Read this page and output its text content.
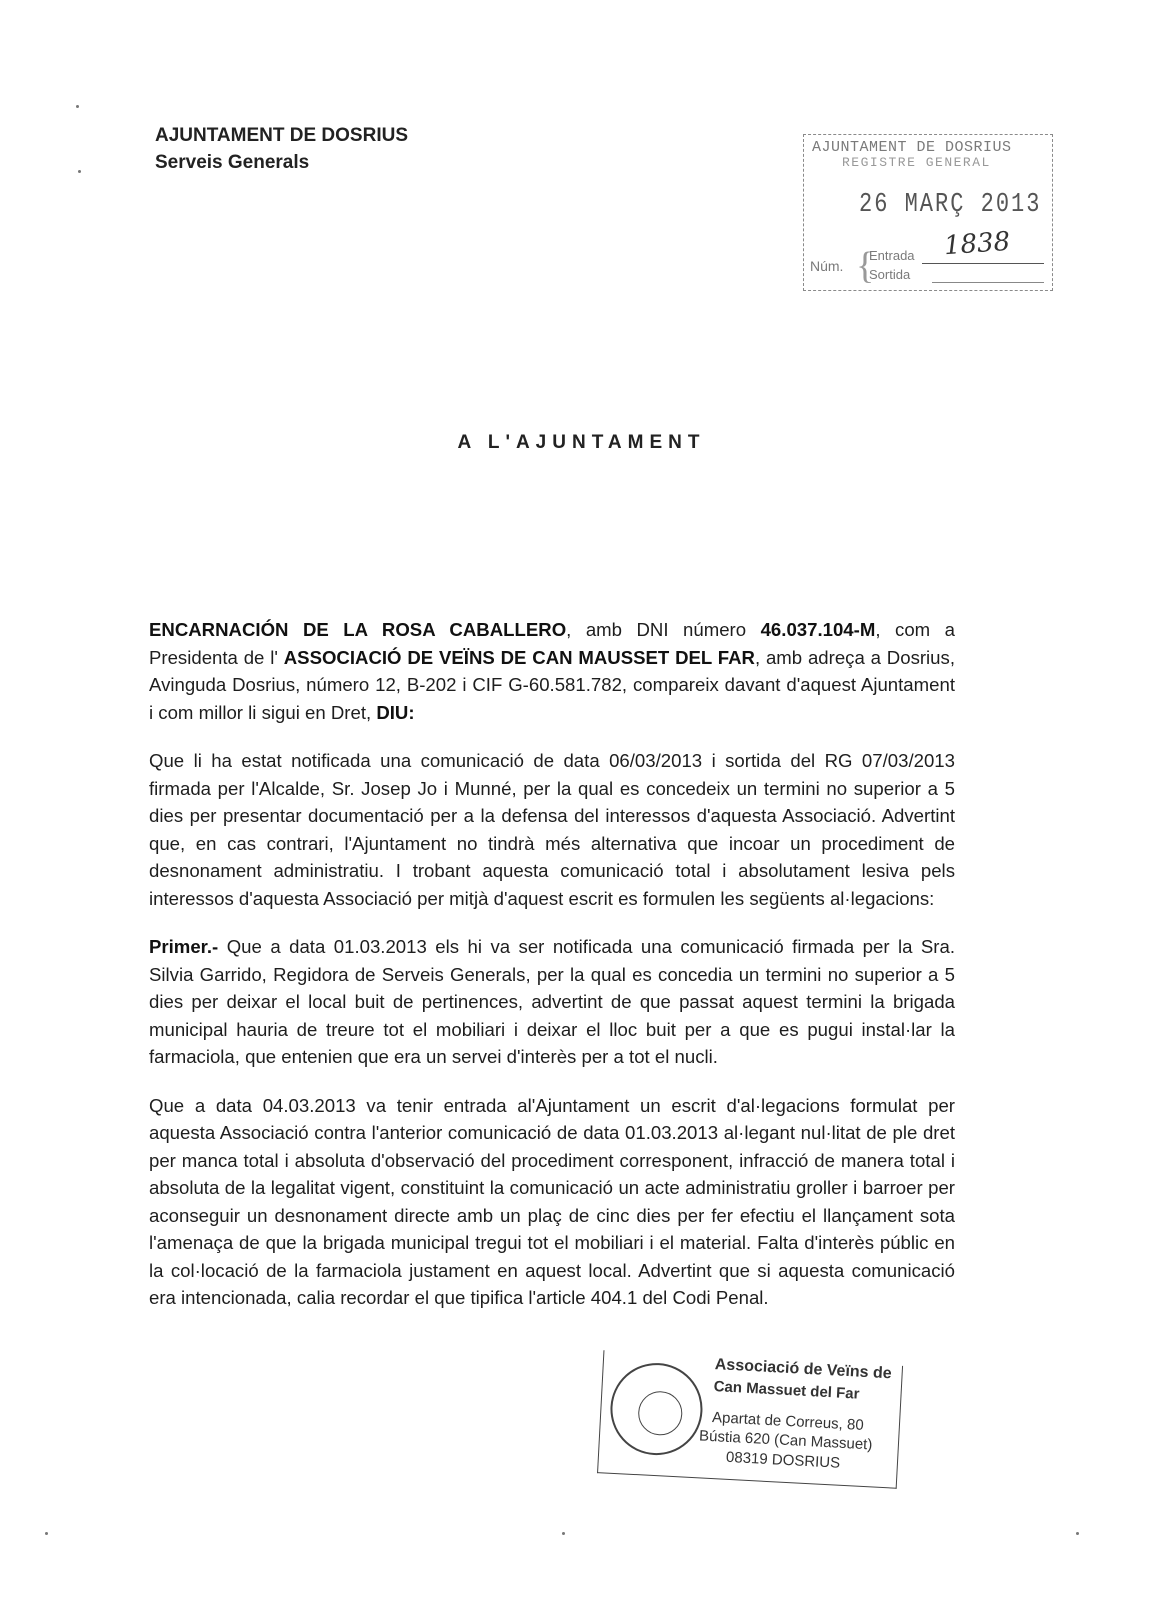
AJUNTAMENT DE DOSRIUS
Serveis Generals
AJUNTAMENT DE DOSRIUS
REGISTRE GENERAL
26 MARÇ 2013
Núm. {
Entrada
Sortida
1838
A L'AJUNTAMENT

ENCARNACIÓN DE LA ROSA CABALLERO, amb DNI número 46.037.104-M, com a Presidenta de l' ASSOCIACIÓ DE VEÏNS DE CAN MAUSSET DEL FAR, amb adreça a Dosrius, Avinguda Dosrius, número 12, B-202 i CIF G-60.581.782, compareix davant d'aquest Ajuntament i com millor li sigui en Dret, DIU:

Que li ha estat notificada una comunicació de data 06/03/2013 i sortida del RG 07/03/2013 firmada per l'Alcalde, Sr. Josep Jo i Munné, per la qual es concedeix un termini no superior a 5 dies per presentar documentació per a la defensa del interessos d'aquesta Associació. Advertint que, en cas contrari, l'Ajuntament no tindrà més alternativa que incoar un procediment de desnonament administratiu. I trobant aquesta comunicació total i absolutament lesiva pels interessos d'aquesta Associació per mitjà d'aquest escrit es formulen les següents al·legacions:

Primer.- Que a data 01.03.2013 els hi va ser notificada una comunicació firmada per la Sra. Silvia Garrido, Regidora de Serveis Generals, per la qual es concedia un termini no superior a 5 dies per deixar el local buit de pertinences, advertint de que passat aquest termini la brigada municipal hauria de treure tot el mobiliari i deixar el lloc buit per a que es pugui instal·lar la farmaciola, que entenien que era un servei d'interès per a tot el nucli.

Que a data 04.03.2013 va tenir entrada al'Ajuntament un escrit d'al·legacions formulat per aquesta Associació contra l'anterior comunicació de data 01.03.2013 al·legant nul·litat de ple dret per manca total i absoluta d'observació del procediment corresponent, infracció de manera total i absoluta de la legalitat vigent, constituint la comunicació un acte administratiu groller i barroer per aconseguir un desnonament directe amb un plaç de cinc dies per fer efectiu el llançament sota l'amenaça de que la brigada municipal tregui tot el mobiliari i el material. Falta d'interès públic en la col·locació de la farmaciola justament en aquest local. Advertint que si aquesta comunicació era intencionada, calia recordar el que tipifica l'article 404.1 del Codi Penal.

Associació de Veïns de
Can Massuet del Far
Apartat de Correus, 80
Bústia 620 (Can Massuet)
08319 DOSRIUS
